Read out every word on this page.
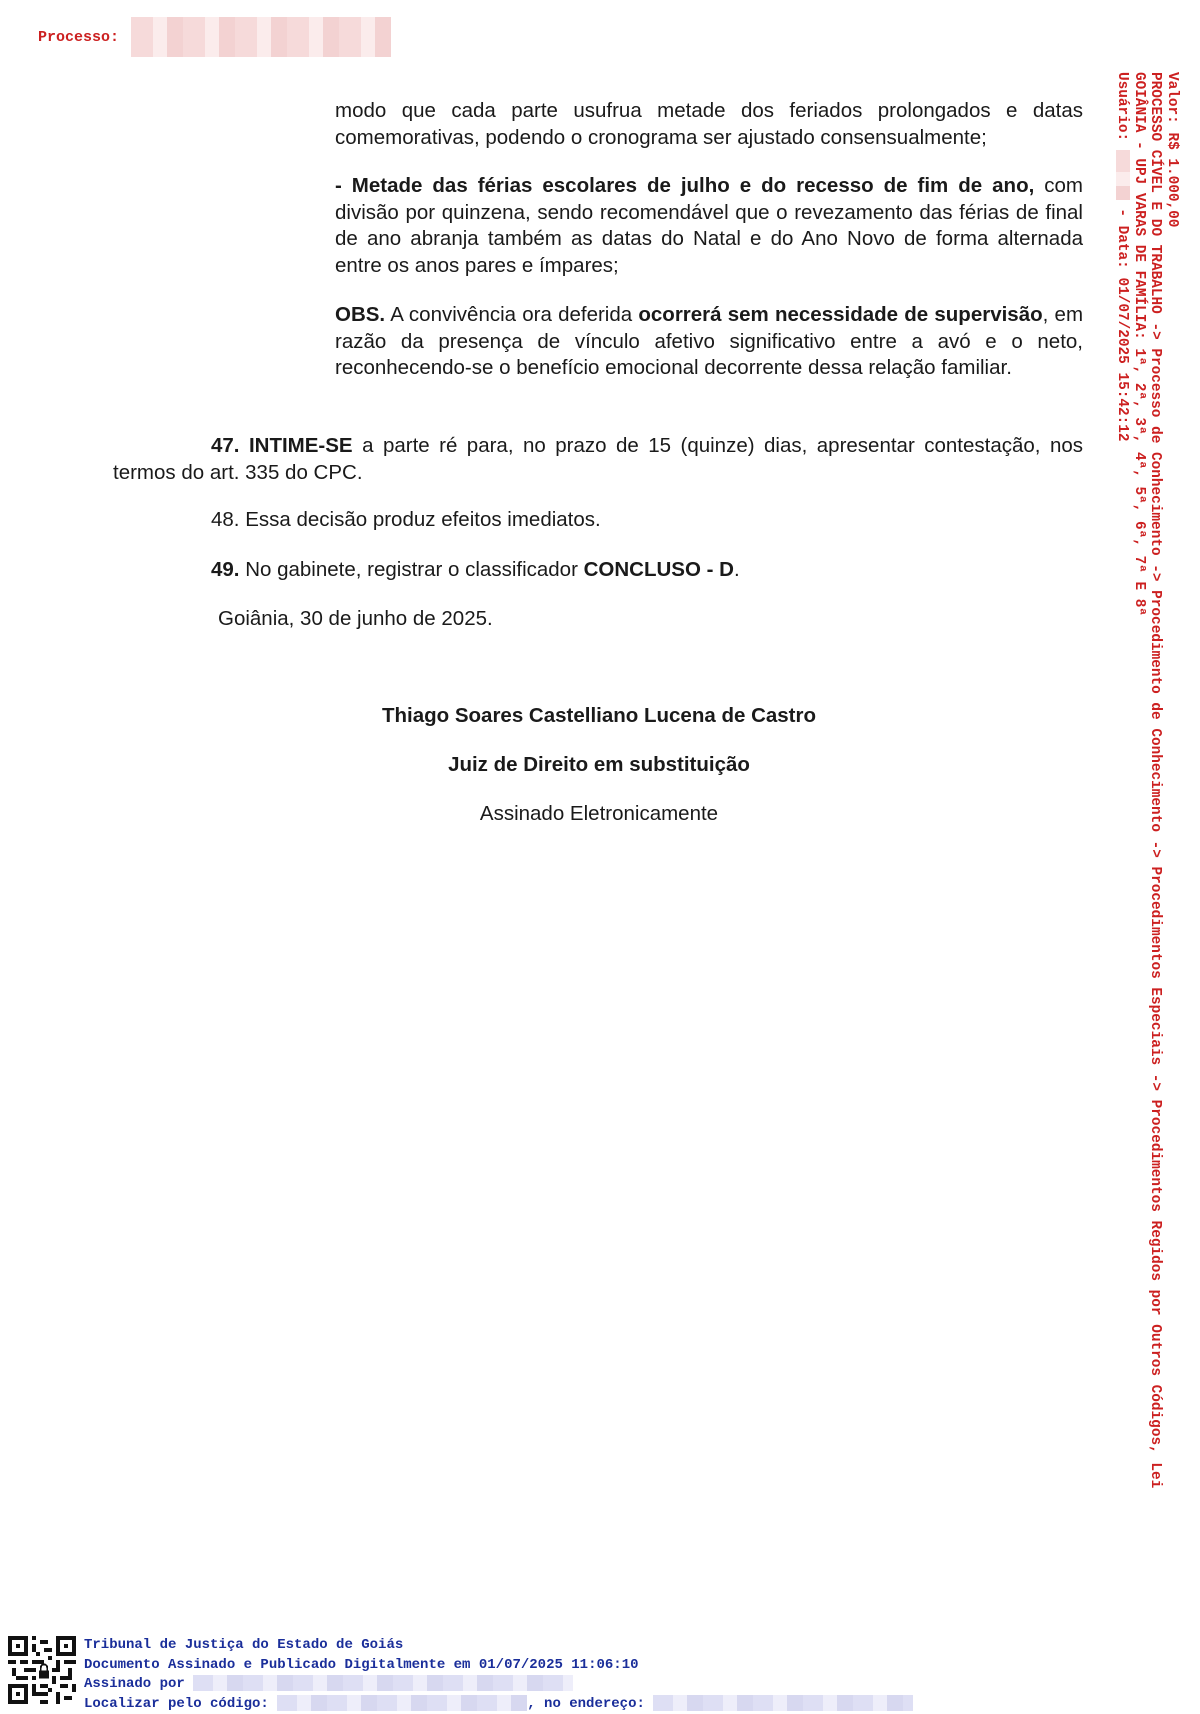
Processo:
modo que cada parte usufrua metade dos feriados prolongados e datas comemorativas, podendo o cronograma ser ajustado consensualmente;
- Metade das férias escolares de julho e do recesso de fim de ano, com divisão por quinzena, sendo recomendável que o revezamento das férias de final de ano abranja também as datas do Natal e do Ano Novo de forma alternada entre os anos pares e ímpares;
OBS. A convivência ora deferida ocorrerá sem necessidade de supervisão, em razão da presença de vínculo afetivo significativo entre a avó e o neto, reconhecendo-se o benefício emocional decorrente dessa relação familiar.
47. INTIME-SE a parte ré para, no prazo de 15 (quinze) dias, apresentar contestação, nos termos do art. 335 do CPC.
48. Essa decisão produz efeitos imediatos.
49. No gabinete, registrar o classificador CONCLUSO - D.
Goiânia, 30 de junho de 2025.
Thiago Soares Castelliano Lucena de Castro
Juiz de Direito em substituição
Assinado Eletronicamente
Valor: R$ 1.000,00
PROCESSO CÍVEL E DO TRABALHO -> Processo de Conhecimento -> Procedimento de Conhecimento -> Procedimentos Especiais -> Procedimentos Regidos por Outros Códigos, Lei
GOIÂNIA - UPJ VARAS DE FAMÍLIA: 1ª, 2ª, 3ª, 4ª, 5ª, 6ª, 7ª E 8ª
Usuário:  - Data: 01/07/2025 15:42:12
Tribunal de Justiça do Estado de Goiás
Documento Assinado e Publicado Digitalmente em 01/07/2025 11:06:10
Assinado por
Localizar pelo código:	, no endereço:
